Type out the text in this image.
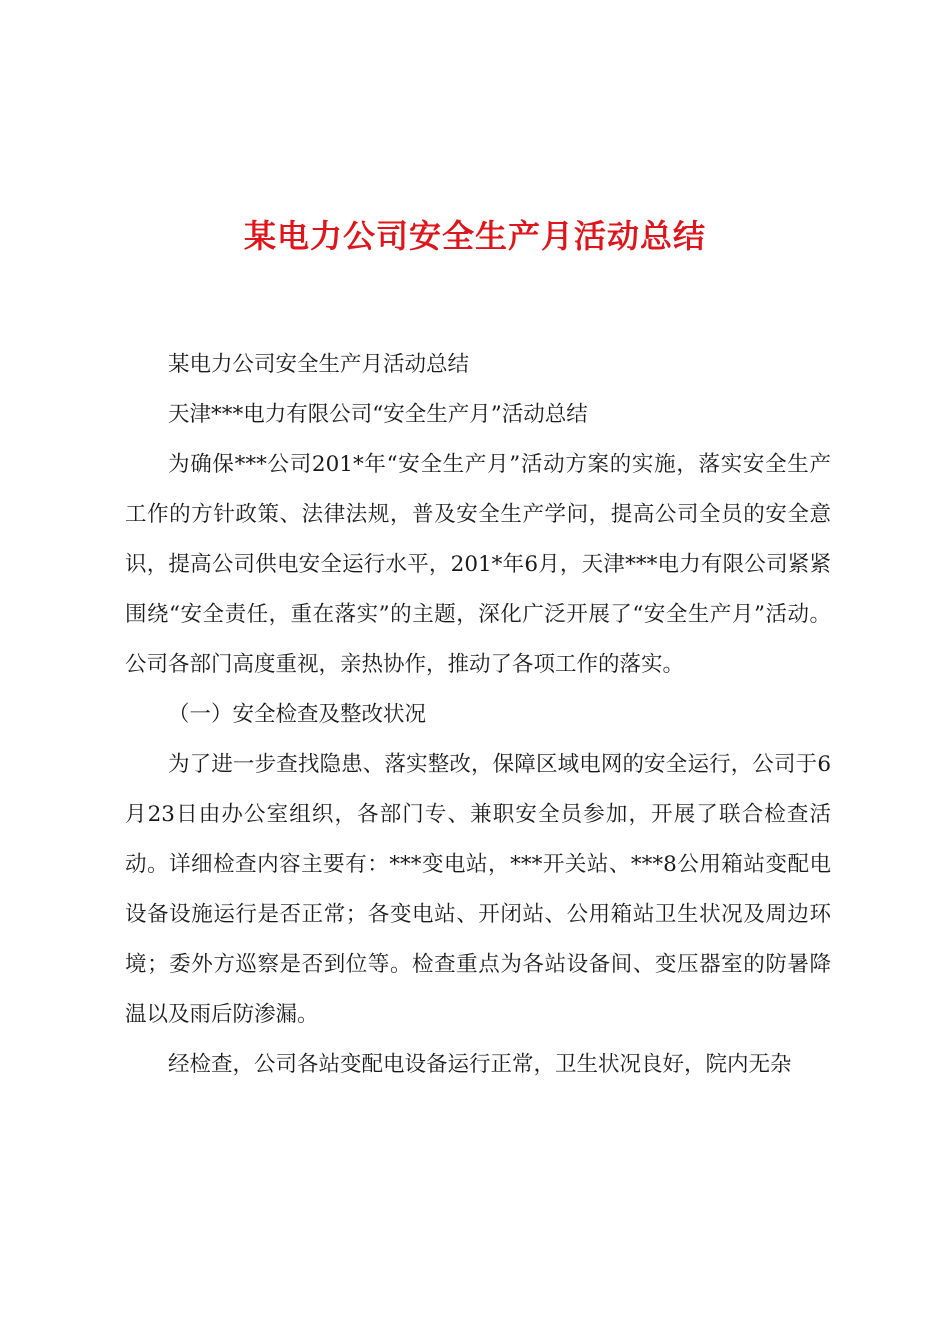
某电力公司安全生产月活动总结

某电力公司安全生产月活动总结

天津***电力有限公司“安全生产月”活动总结

为确保***公司201*年“安全生产月”活动方案的实施，落实安全生产工作的方针政策、法律法规，普及安全生产学问，提高公司全员的安全意识，提高公司供电安全运行水平，201*年6月，天津***电力有限公司紧紧围绕“安全责任，重在落实”的主题，深化广泛开展了“安全生产月”活动。公司各部门高度重视，亲热协作，推动了各项工作的落实。

（一）安全检查及整改状况

为了进一步查找隐患、落实整改，保障区域电网的安全运行，公司于6月23日由办公室组织，各部门专、兼职安全员参加，开展了联合检查活动。详细检查内容主要有：***变电站，***开关站、***8公用箱站变配电设备设施运行是否正常；各变电站、开闭站、公用箱站卫生状况及周边环境；委外方巡察是否到位等。检查重点为各站设备间、变压器室的防暑降温以及雨后防渗漏。

经检查，公司各站变配电设备运行正常，卫生状况良好，院内无杂
